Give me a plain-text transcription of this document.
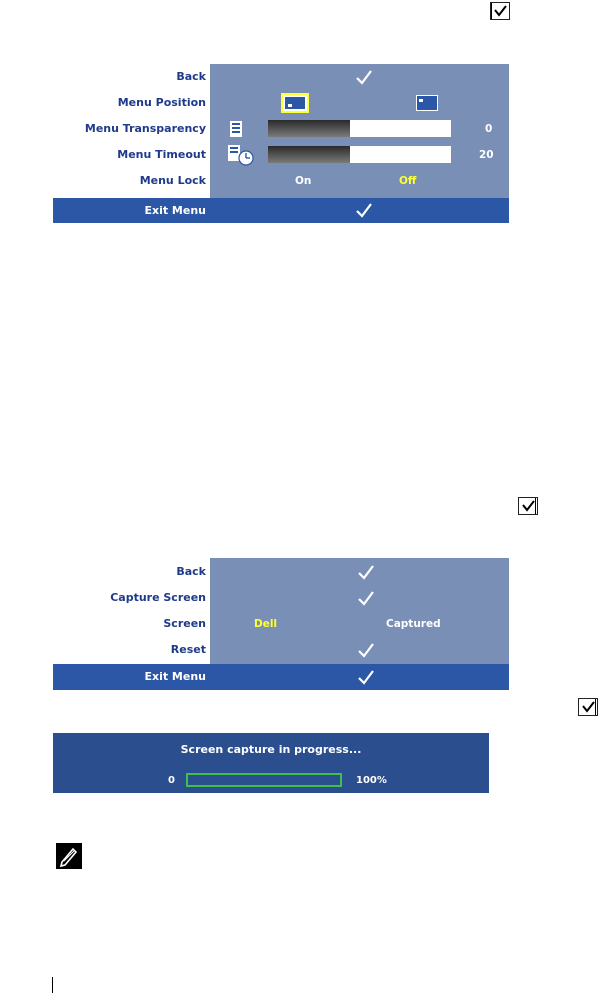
Back
Menu Position
Menu Transparency	0
Menu Timeout	20
Menu Lock	On	Off
Exit Menu
Back
Capture Screen
Screen	Dell	Captured
Reset
Exit Menu
Screen capture in progress...
0	100%
